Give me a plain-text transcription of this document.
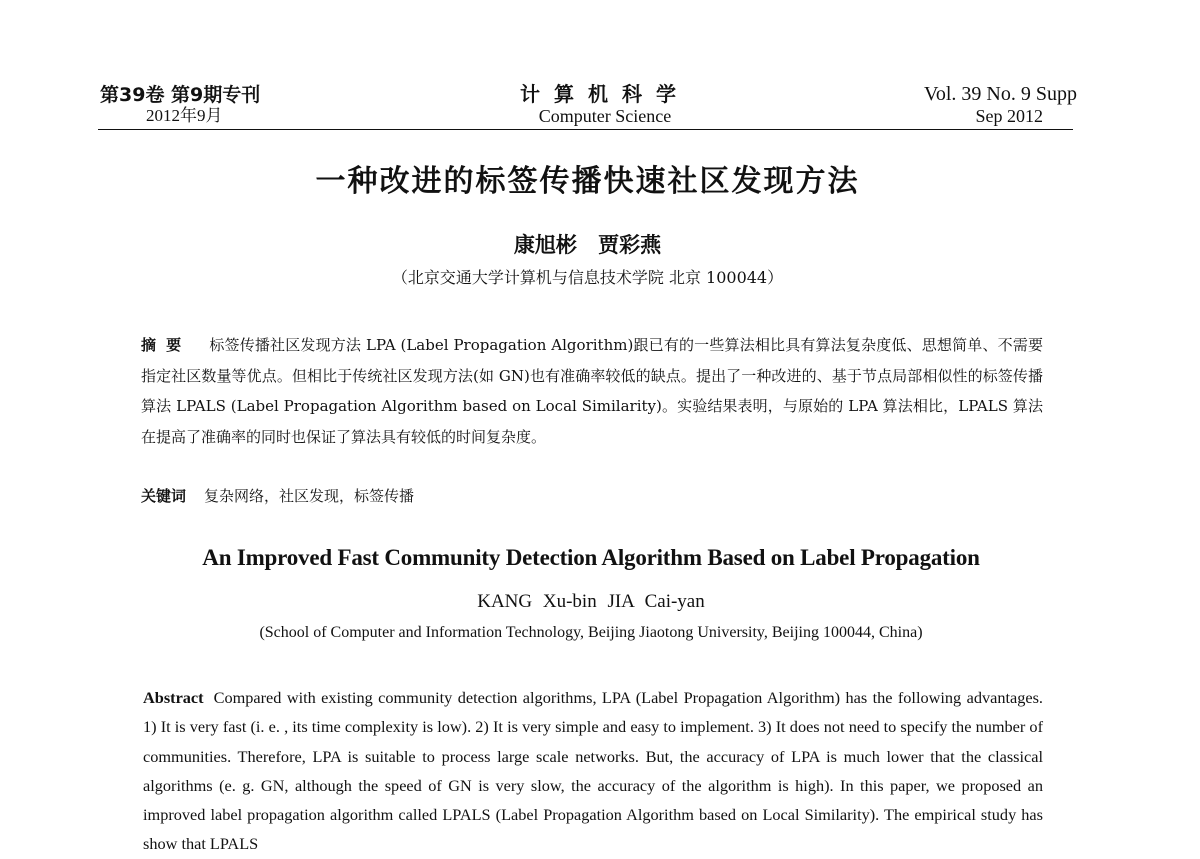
第39卷 第9期专刊
2012年9月
计算机科学
Computer Science
Vol. 39 No. 9 Supp
Sep 2012
一种改进的标签传播快速社区发现方法
康旭彬 贾彩燕
（北京交通大学计算机与信息技术学院 北京 100044）
摘要 标签传播社区发现方法 LPA (Label Propagation Algorithm)跟已有的一些算法相比具有算法复杂度低、思想简单、不需要指定社区数量等优点。但相比于传统社区发现方法(如 GN)也有准确率较低的缺点。提出了一种改进的、基于节点局部相似性的标签传播算法 LPALS (Label Propagation Algorithm based on Local Similarity)。实验结果表明，与原始的 LPA 算法相比，LPALS 算法在提高了准确率的同时也保证了算法具有较低的时间复杂度。
关键词 复杂网络，社区发现，标签传播
An Improved Fast Community Detection Algorithm Based on Label Propagation
KANG Xu-bin JIA Cai-yan
(School of Computer and Information Technology, Beijing Jiaotong University, Beijing 100044, China)
Abstract Compared with existing community detection algorithms, LPA (Label Propagation Algorithm) has the following advantages. 1) It is very fast (i. e. , its time complexity is low). 2) It is very simple and easy to implement. 3) It does not need to specify the number of communities. Therefore, LPA is suitable to process large scale networks. But, the accuracy of LPA is much lower that the classical algorithms (e. g. GN, although the speed of GN is very slow, the accuracy of the algorithm is high). In this paper, we proposed an improved label propagation algorithm called LPALS (Label Propagation Algorithm based on Local Similarity). The empirical study has show that LPALS
